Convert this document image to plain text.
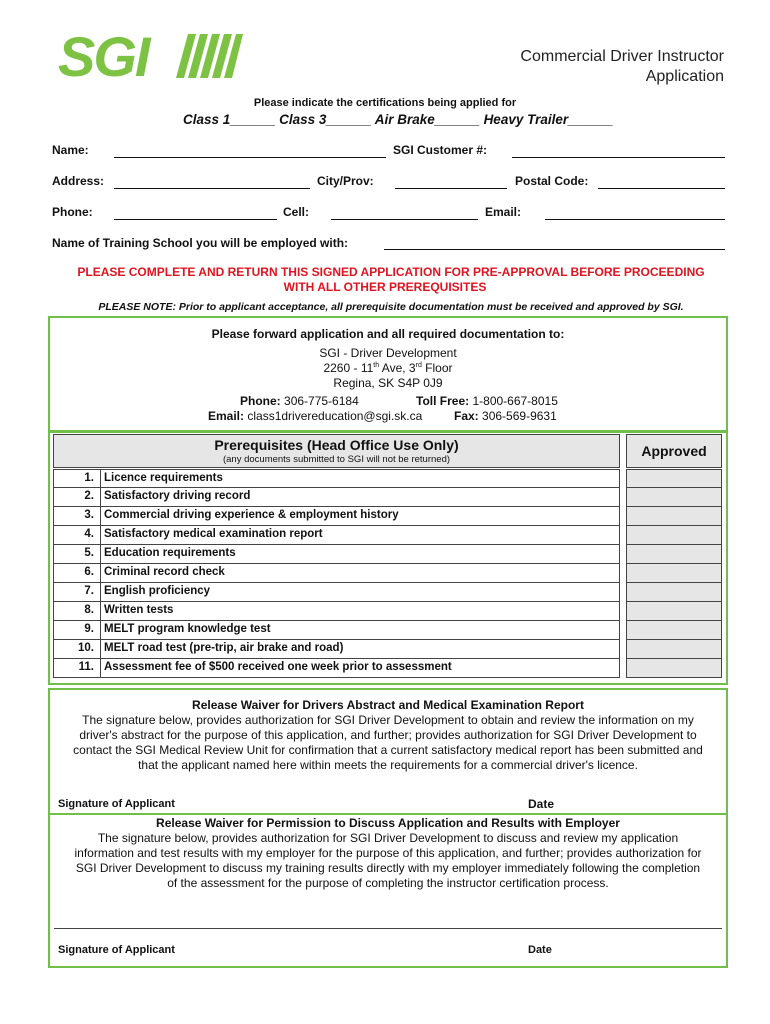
SGI	Commercial Driver Instructor
Application
Please indicate the certifications being applied for
Class 1______ Class 3______ Air Brake______ Heavy Trailer______
Name:	SGI Customer #:
Address:	City/Prov:	Postal Code:
Phone:	Cell:	Email:
Name of Training School you will be employed with:
PLEASE COMPLETE AND RETURN THIS SIGNED APPLICATION FOR PRE-APPROVAL BEFORE PROCEEDING
WITH ALL OTHER PREREQUISITES
PLEASE NOTE: Prior to applicant acceptance, all prerequisite documentation must be received and approved by SGI.
Please forward application and all required documentation to:
SGI - Driver Development
2260 - 11th Ave, 3rd Floor
Regina, SK S4P 0J9
Phone: 306-775-6184	Toll Free: 1-800-667-8015
Email: class1drivereducation@sgi.sk.ca	Fax: 306-569-9631
Prerequisites (Head Office Use Only)
(any documents submitted to SGI will not be returned)
Approved
1. Licence requirements
2. Satisfactory driving record
3. Commercial driving experience & employment history
4. Satisfactory medical examination report
5. Education requirements
6. Criminal record check
7. English proficiency
8. Written tests
9. MELT program knowledge test
10. MELT road test (pre-trip, air brake and road)
11. Assessment fee of $500 received one week prior to assessment
Release Waiver for Drivers Abstract and Medical Examination Report
The signature below, provides authorization for SGI Driver Development to obtain and review the information on my
driver's abstract for the purpose of this application, and further; provides authorization for SGI Driver Development to
contact the SGI Medical Review Unit for confirmation that a current satisfactory medical report has been submitted and
that the applicant named here within meets the requirements for a commercial driver's licence.
Signature of Applicant	Date
Release Waiver for Permission to Discuss Application and Results with Employer
The signature below, provides authorization for SGI Driver Development to discuss and review my application
information and test results with my employer for the purpose of this application, and further; provides authorization for
SGI Driver Development to discuss my training results directly with my employer immediately following the completion
of the assessment for the purpose of completing the instructor certification process.
Signature of Applicant	Date
